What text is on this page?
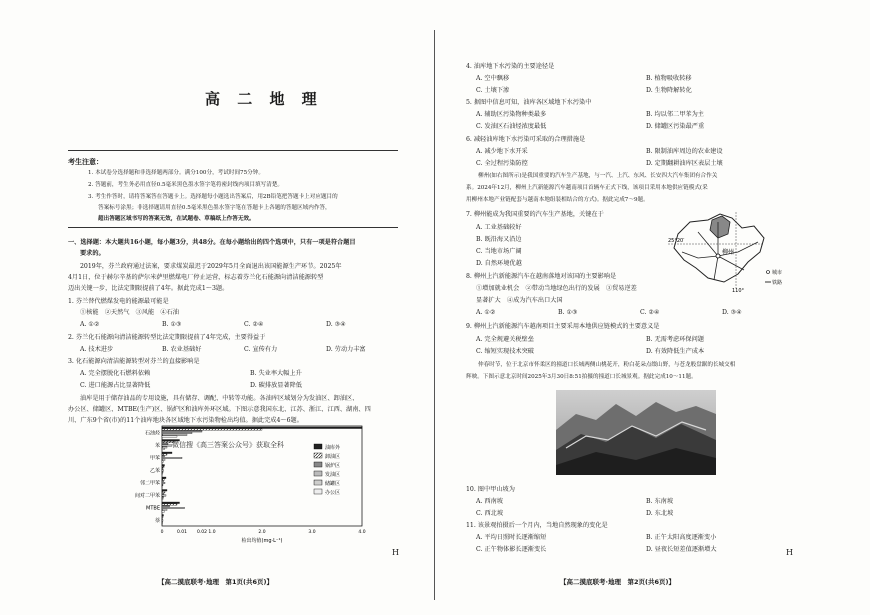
高 二 地 理
考生注意：
1. 本试卷分选择题和非选择题两部分。满分100分，考试时间75分钟。
2. 答题前，考生务必用直径0.5毫米黑色墨水签字笔将密封线内项目填写清楚。
3. 考生作答时，请将答案答在答题卡上。选择题每小题选出答案后，用2B铅笔把答题卡上对应题目的
答案标号涂黑；非选择题请用直径0.5毫米黑色墨水签字笔在答题卡上各题的答题区域内作答，
超出答题区域书写的答案无效，在试题卷、草稿纸上作答无效。
一、选择题：本大题共16小题，每小题3分，共48分。在每小题给出的四个选项中，只有一项是符合题目
要求的。
2019年，芬兰政府通过法案，要求煤炭最迟于2029年5月全面退出该国能源生产环节。2025年
4月1日，位于赫尔辛基的萨尔米萨里燃煤电厂停止运营，标志着芬兰化石能源向清洁能源转型
迈出关键一步，比法定期限提前了4年。据此完成1～3题。
1. 芬兰替代燃煤发电的能源最可能是
①核能　②天然气　③风能　④石油
A. ①②	B. ①③	C. ②④	D. ③④
2. 芬兰化石能源向清洁能源转型比法定期限提前了4年完成，主要得益于
A. 技术进步	B. 农业基础好	C. 宣传有力	D. 劳动力丰富
3. 化石能源向清洁能源转型对芬兰的直接影响是
A. 完全摆脱化石燃料依赖	B. 失业率大幅上升
C. 进口能源占比显著降低	D. 碳排放显著降低
油库是用于储存油品的专用设施，具有储存、调配、中转等功能。各油库区域划分为发油区、卸油区、
办公区、储罐区、MTBE(生产)区、锅炉区和油库外环区域。下图示意我国东北、江苏、浙江、江西、湖南、四
川、广东9个省(市)的11个油库地块各区域地下水污染物检出均值。据此完成4～6题。
石油烃
苯
甲苯
乙苯
邻二甲苯
间对二甲苯
MTBE
萘
0	0.01 0.02 1.0	2.0	3.0	4.0
检出均值(mg·L⁻¹)
油库外
卸油区
锅炉区
发油区
储罐区
办公区
微信搜《高三答案公众号》获取全科
【高二摸底联考·地理　第1页(共6页)】
H
4. 油库地下水污染的主要途径是
A. 空中飘移	B. 植物吸收转移
C. 土壤下渗	D. 生物降解转化
5. 据图中信息可知，油库各区域地下水污染中
A. 辅助区污染物种类最多	B. 均以邻二甲苯为主
C. 发油区石油烃浓度最低	D. 储罐区污染最严重
6. 减轻油库地下水污染可采取的合理措施是
A. 减少地下水开采	B. 限制油库周边的农业建设
C. 全过程污染防控	D. 定期翻耕油库区表层土壤
柳州(如右图所示)是我国重要的汽车生产基地，与一汽、上汽、东风、长安四大汽车集团有合作关
系。2024年12月，柳州上汽新能源汽车越南项目首辆车正式下线，该项目采用本地供应链模式(采
用柳州本地产业链配套与越南本地组装相结合的方式)。据此完成7～9题。
7. 柳州能成为我国重要的汽车生产基地，关键在于
A. 工业基础较好
B. 既沿海又沿边
C. 当地市场广阔
D. 自然环境优越
8. 柳州上汽新能源汽车在越南落地对该国的主要影响是
①增加就业机会　②带动当地绿色出行的发展　③贸易逆差
显著扩大　④成为汽车出口大国
A. ①②	B. ①③	C. ②④	D. ③④
9. 柳州上汽新能源汽车越南项目主要采用本地供应链模式的主要意义是
A. 完全规避关税壁垒	B. 无需考虑环保问题
C. 缩短实现技术突破	D. 有效降低生产成本
仲春时节，位于北京市怀柔区的撞道口长城两侧山桃花开，粉白花朵点缀山野，与苍龙般盘踞的长城交相
辉映。下图示意北京时间2025年3月30日8:51拍摄的撞道口长城景观。据此完成10～11题。
10. 图中甲山坡为
A. 西南坡	B. 东南坡
C. 西北坡	D. 东北坡
11. 该景观拍摄后一个月内，当地自然现象的变化是
A. 平均日照时长逐渐缩短	B. 正午太阳高度逐渐变小
C. 正午物体影长逐渐变长	D. 昼夜长短差值逐渐增大
【高二摸底联考·地理　第2页(共6页)】
H
柳州
25°20′
110°
城市
铁路
